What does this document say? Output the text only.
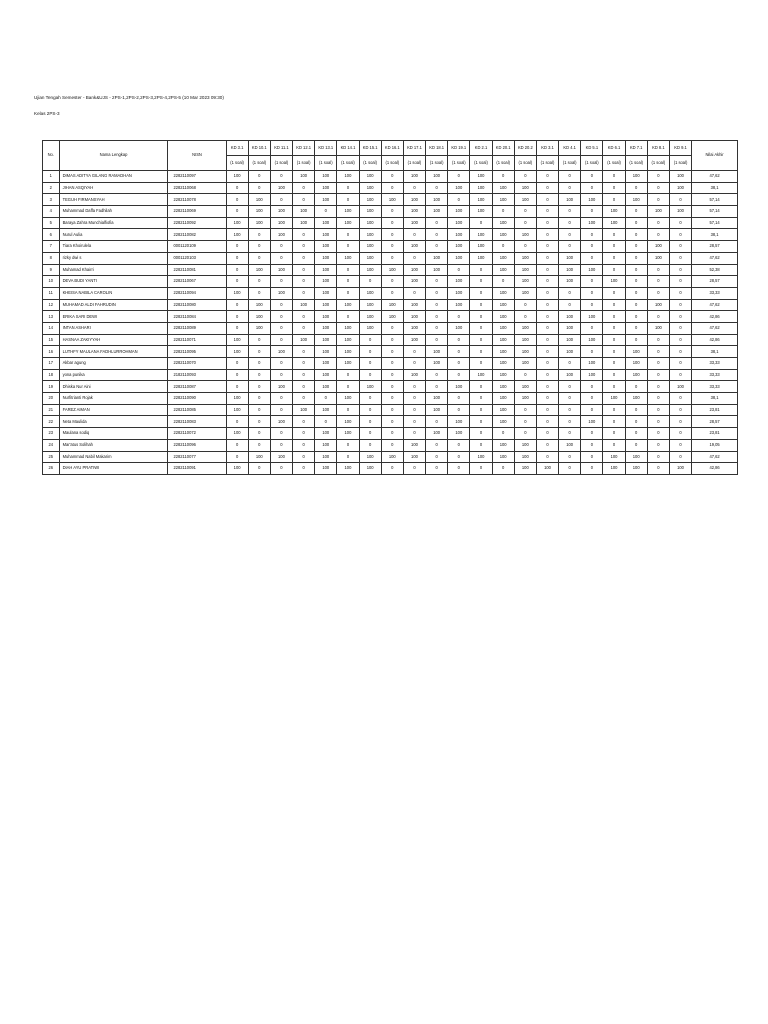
Ujian Tengah Semester - Bank&UJS - 2PS-1,2PS-2,2PS-3,2PS-4,2PS-5 (10 Mar 2023 09:30)
Kelas 2PS-3
No.	Nama Lengkap	NISN	KD 3.1	KD 10.1	KD 11.1	KD 12.1	KD 13.1	KD 14.1	KD 15.1	KD 16.1	KD 17.1	KD 18.1	KD 19.1	KD 2.1	KD 20.1	KD 20.2	KD 3.1	KD 4.1	KD 5.1	KD 6.1	KD 7.1	KD 8.1	KD 9.1	Nilai Akhir
			(1 soal)	(1 soal)	(1 soal)	(1 soal)	(1 soal)	(1 soal)	(1 soal)	(1 soal)	(1 soal)	(1 soal)	(1 soal)	(1 soal)	(1 soal)	(1 soal)	(1 soal)	(1 soal)	(1 soal)	(1 soal)	(1 soal)	(1 soal)	(1 soal)	
1	DIMAS ADITYA GILANG RAMADHAN	2282110097	100	0	0	100	100	100	100	0	100	100	0	100	0	0	0	0	0	0	100	0	100	47,62
2	JIHAN ASQIYAH	2282110068	0	0	100	0	100	0	100	0	0	0	100	100	100	100	0	0	0	0	0	0	100	38,1
3	TEGUH FIRMANSYAH	2282110078	0	100	0	0	100	0	100	100	100	100	0	100	100	100	0	100	100	0	100	0	0	57,14
4	Muhammad Daffa Fadhilah	2282110069	0	100	100	100	0	100	100	0	100	100	100	100	0	0	0	0	0	100	0	100	100	57,14
5	Baraya Zahra Munchialfiofia	2282110092	100	100	100	100	100	100	100	0	100	0	100	0	100	0	0	0	100	100	0	0	0	57,14
6	Nurul Aulia	2282110082	100	0	100	0	100	0	100	0	0	0	100	100	100	100	0	0	0	0	0	0	0	38,1
7	Tiara Khoirulela	0001120109	0	0	0	0	100	0	100	0	100	0	100	100	0	0	0	0	0	0	0	100	0	28,57
8	rizky dwi s	0001120103	0	0	0	0	100	100	100	0	0	100	100	100	100	100	0	100	0	0	0	100	0	47,62
9	Muhamad Khairri	2282110081	0	100	100	0	100	0	100	100	100	100	0	0	100	100	0	100	100	0	0	0	0	52,38
10	DEVA BUDI YANTI	2282110067	0	0	0	0	100	0	0	0	100	0	100	0	0	100	0	100	0	100	0	0	0	28,57
11	KHEISA NABILA CAROLIN	2282110094	100	0	100	0	100	0	100	0	0	0	100	0	100	100	0	0	0	0	0	0	0	33,33
12	MUHAMAD ALDI FAHRUDIN	2282110080	0	100	0	100	100	100	100	100	100	0	100	0	100	0	0	0	0	0	0	100	0	47,62
13	ERIKA SARI DEWI	2282110084	0	100	0	0	100	0	100	100	100	0	0	0	100	0	0	100	100	0	0	0	0	42,86
14	INTAN ASHARI	2282110089	0	100	0	0	100	100	100	0	100	0	100	0	100	100	0	100	0	0	0	100	0	47,62
15	HASNAA ZAKIYYAH	2282110071	100	0	0	100	100	100	0	0	100	0	0	0	100	100	0	100	100	0	0	0	0	42,86
16	LUTHFY MAULANA FADHLURROHMAN	2282110095	100	0	100	0	100	100	0	0	0	100	0	0	100	100	0	100	0	0	100	0	0	38,1
17	Akbar agung	2282110070	0	0	0	0	100	100	0	0	0	100	0	0	100	100	0	0	100	0	100	0	0	33,33
18	yona punika	2182110093	0	0	0	0	100	0	0	0	100	0	0	100	100	0	0	100	100	0	100	0	0	33,33
19	Dhiska Nur Aini	2282110087	0	0	100	0	100	0	100	0	0	0	100	0	100	100	0	0	0	0	0	0	100	33,33
20	Nurfitrianti Rojak	2282110090	100	0	0	0	0	100	0	0	0	100	0	0	100	100	0	0	0	100	100	0	0	38,1
21	FAREZ AIMAN	2282110085	100	0	0	100	100	0	0	0	0	100	0	0	100	0	0	0	0	0	0	0	0	23,81
22	Neta Maulida	2282110083	0	0	100	0	0	100	0	0	0	0	100	0	100	0	0	0	100	0	0	0	0	28,57
23	Maulana sodiq	2282110072	100	0	0	0	100	100	0	0	0	100	100	0	0	0	0	0	0	0	0	0	0	23,81
24	Mar'atus Solihah	2282110096	0	0	0	0	100	0	0	0	100	0	0	0	100	100	0	100	0	0	0	0	0	19,05
25	Muhammad Nabil Makarim	2282110077	0	100	100	0	100	0	100	100	100	0	0	100	100	100	0	0	0	100	100	0	0	47,62
26	DIAH AYU PRATIWI	2282110091	100	0	0	0	100	100	100	0	0	0	0	0	0	100	100	0	0	100	100	0	100	42,86
